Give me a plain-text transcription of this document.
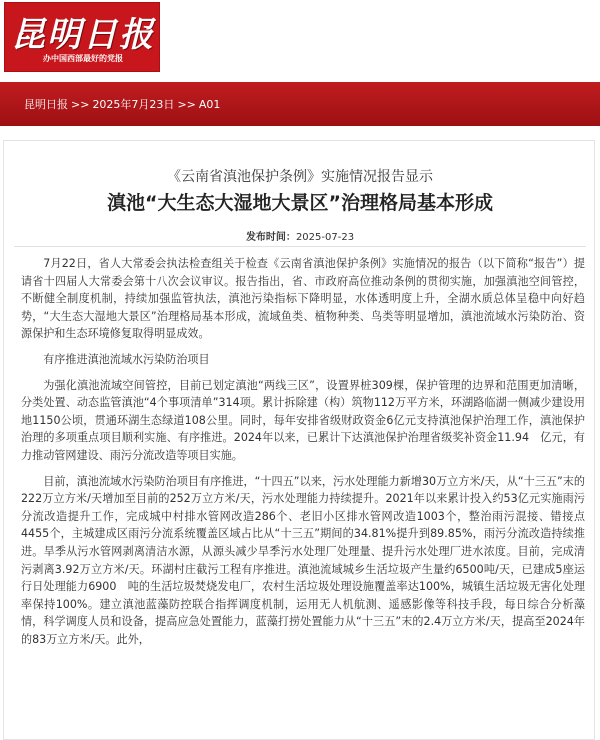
昆明日报
办中国西部最好的党报
昆明日报 >> 2025年7月23日 >> A01
《云南省滇池保护条例》实施情况报告显示
滇池“大生态大湿地大景区”治理格局基本形成
发布时间：2025-07-23

7月22日，省人大常委会执法检查组关于检查《云南省滇池保护条例》实施情况的报告（以下简称“报告”）提请省十四届人大常委会第十八次会议审议。报告指出，省、市政府高位推动条例的贯彻实施，加强滇池空间管控，不断健全制度机制，持续加强监管执法，滇池污染指标下降明显，水体透明度上升，全湖水质总体呈稳中向好趋势，“大生态大湿地大景区”治理格局基本形成，流域鱼类、植物种类、鸟类等明显增加，滇池流域水污染防治、资源保护和生态环境修复取得明显成效。

有序推进滇池流域水污染防治项目

为强化滇池流域空间管控，目前已划定滇池“两线三区”，设置界桩309棵，保护管理的边界和范围更加清晰，分类处置、动态监管滇池“4个事项清单”314项。累计拆除建（构）筑物112万平方米，环湖路临湖一侧减少建设用地1150公顷，贯通环湖生态绿道108公里。同时，每年安排省级财政资金6亿元支持滇池保护治理工作，滇池保护治理的多项重点项目顺利实施、有序推进。2024年以来，已累计下达滇池保护治理省级奖补资金11.94　亿元，有力推动管网建设、雨污分流改造等项目实施。

目前，滇池流域水污染防治项目有序推进，“十四五”以来，污水处理能力新增30万立方米/天，从“十三五”末的222万立方米/天增加至目前的252万立方米/天，污水处理能力持续提升。2021年以来累计投入约53亿元实施雨污分流改造提升工作，完成城中村排水管网改造286个、老旧小区排水管网改造1003个，整治雨污混接、错接点4455个，主城建成区雨污分流系统覆盖区域占比从“十三五”期间的34.81%提升到89.85%，雨污分流改造持续推进。旱季从污水管网剥离清洁水源，从源头减少旱季污水处理厂处理量、提升污水处理厂进水浓度。目前，完成清污剥离3.92万立方米/天。环湖村庄截污工程有序推进。滇池流域城乡生活垃圾产生量约6500吨/天，已建成5座运行日处理能力6900　吨的生活垃圾焚烧发电厂，农村生活垃圾处理设施覆盖率达100%，城镇生活垃圾无害化处理率保持100%。建立滇池蓝藻防控联合指挥调度机制，运用无人机航测、遥感影像等科技手段，每日综合分析藻情，科学调度人员和设备，提高应急处置能力，蓝藻打捞处置能力从“十三五”末的2.4万立方米/天，提高至2024年的83万立方米/天。此外，
